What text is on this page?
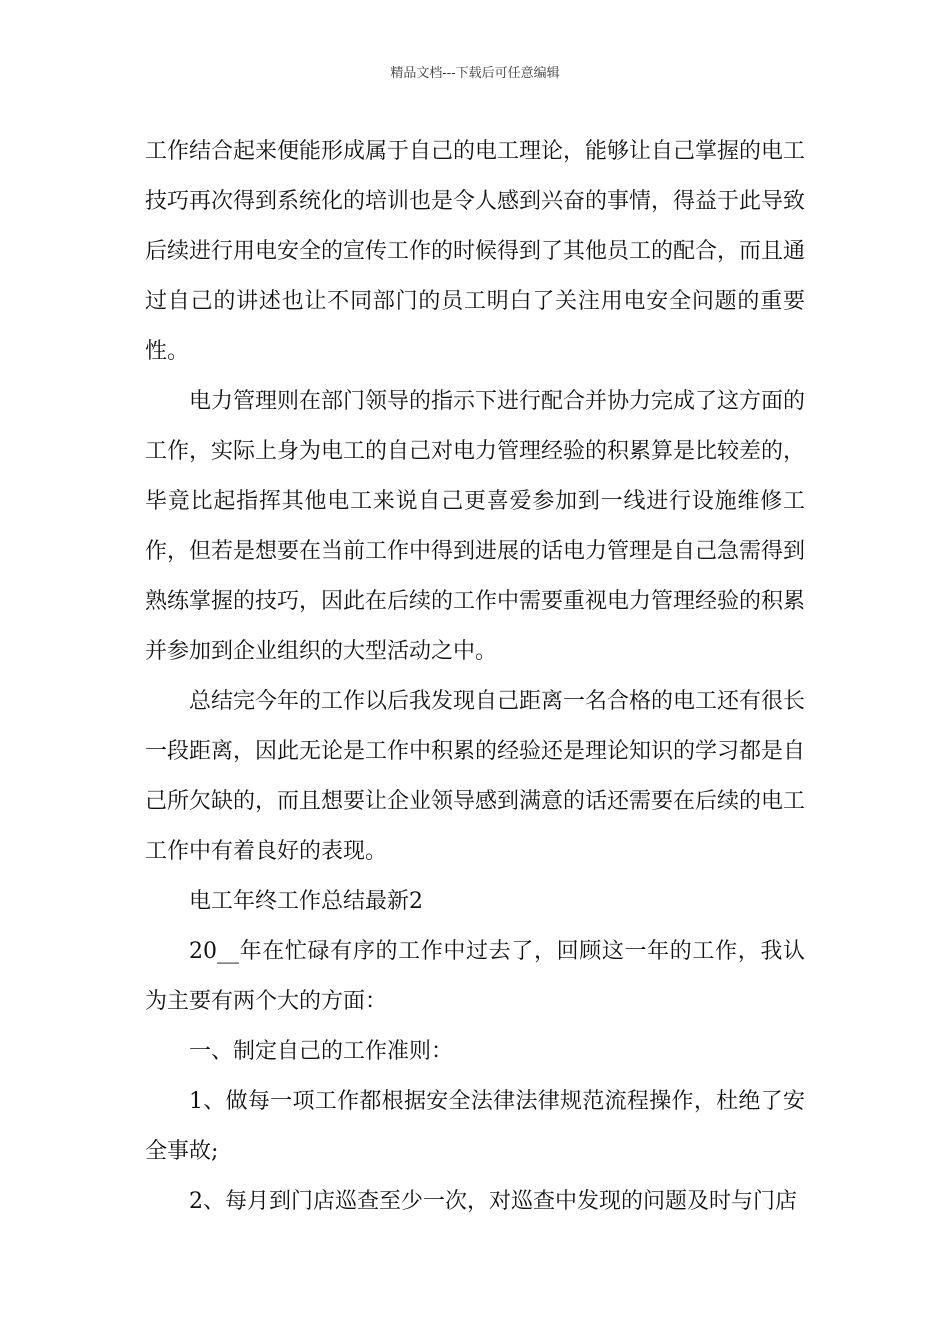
精品文档---下载后可任意编辑

工作结合起来便能形成属于自己的电工理论，能够让自己掌握的电工技巧再次得到系统化的培训也是令人感到兴奋的事情，得益于此导致后续进行用电安全的宣传工作的时候得到了其他员工的配合，而且通过自己的讲述也让不同部门的员工明白了关注用电安全问题的重要性。

电力管理则在部门领导的指示下进行配合并协力完成了这方面的工作，实际上身为电工的自己对电力管理经验的积累算是比较差的，毕竟比起指挥其他电工来说自己更喜爱参加到一线进行设施维修工作，但若是想要在当前工作中得到进展的话电力管理是自己急需得到熟练掌握的技巧，因此在后续的工作中需要重视电力管理经验的积累并参加到企业组织的大型活动之中。

总结完今年的工作以后我发现自己距离一名合格的电工还有很长一段距离，因此无论是工作中积累的经验还是理论知识的学习都是自己所欠缺的，而且想要让企业领导感到满意的话还需要在后续的电工工作中有着良好的表现。

电工年终工作总结最新2

20__年在忙碌有序的工作中过去了，回顾这一年的工作，我认为主要有两个大的方面：

一、制定自己的工作准则：

1、做每一项工作都根据安全法律法律规范流程操作，杜绝了安全事故;

2、每月到门店巡查至少一次，对巡查中发现的问题及时与门店
